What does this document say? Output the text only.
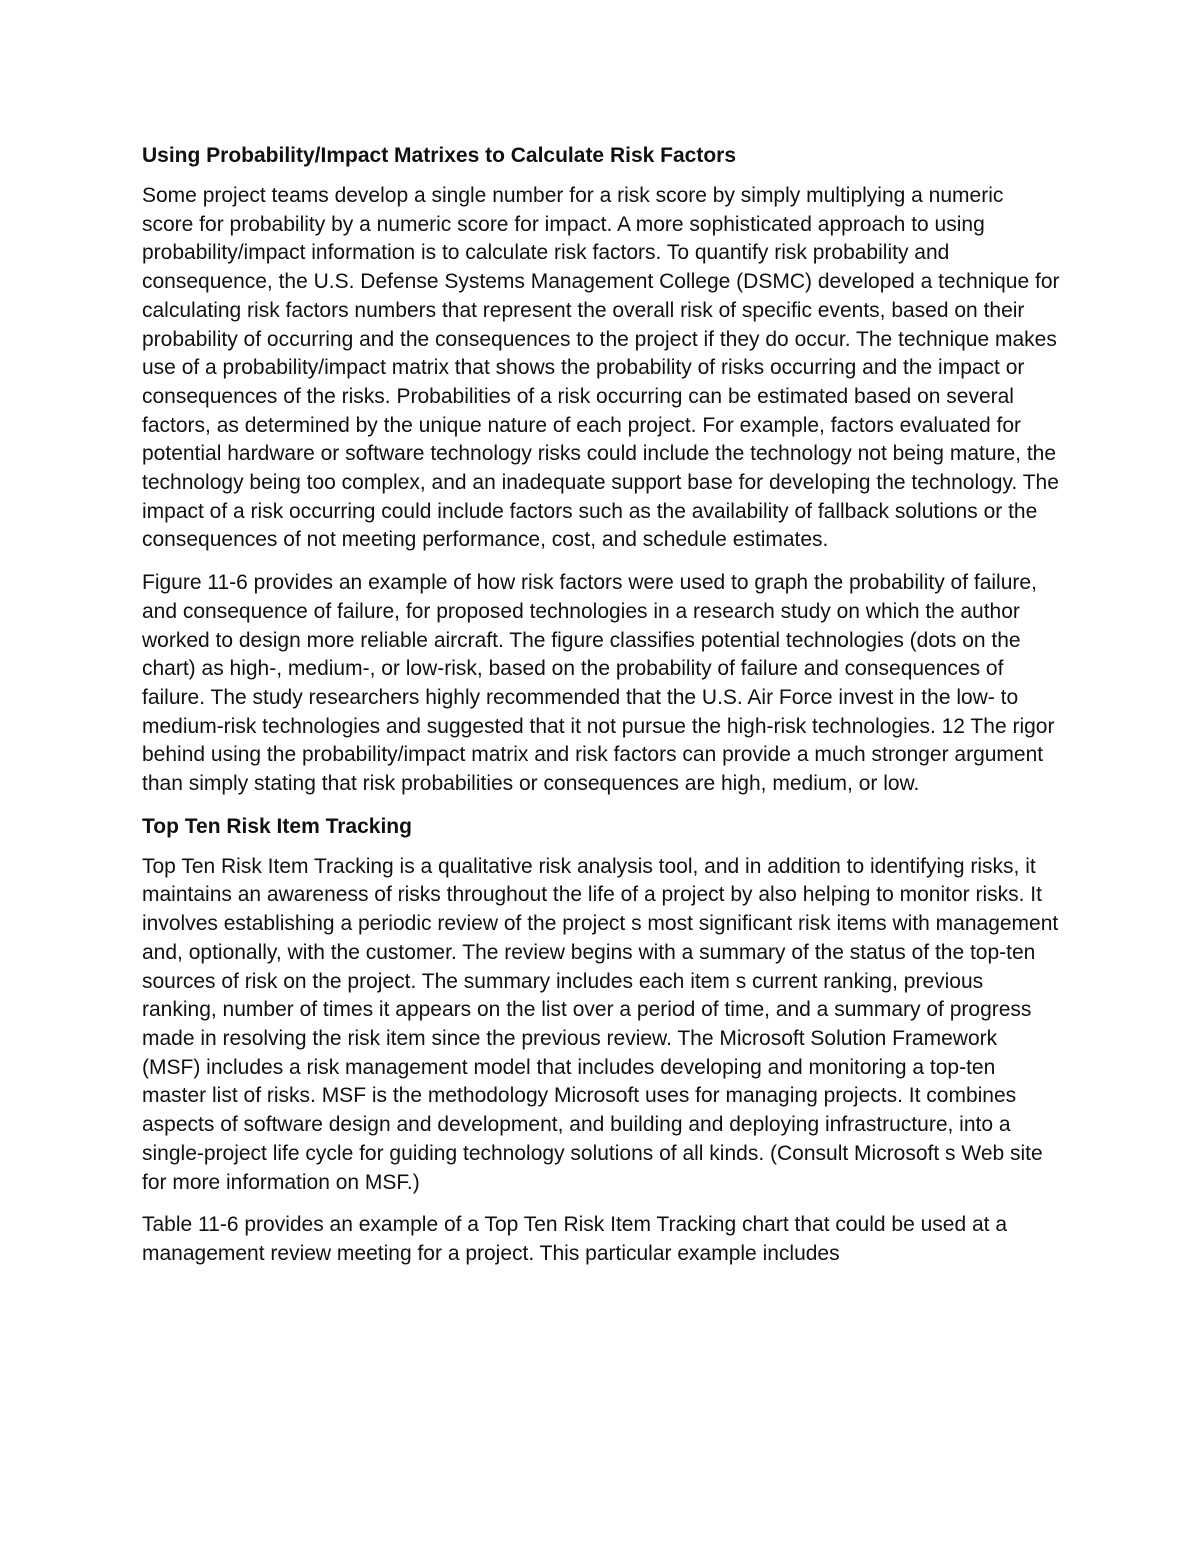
Using Probability/Impact Matrixes to Calculate Risk Factors

Some project teams develop a single number for a risk score by simply multiplying a numeric score for probability by a numeric score for impact. A more sophisticated approach to using probability/impact information is to calculate risk factors. To quantify risk probability and consequence, the U.S. Defense Systems Management College (DSMC) developed a technique for calculating risk factors numbers that represent the overall risk of specific events, based on their probability of occurring and the consequences to the project if they do occur. The technique makes use of a probability/impact matrix that shows the probability of risks occurring and the impact or consequences of the risks. Probabilities of a risk occurring can be estimated based on several factors, as determined by the unique nature of each project. For example, factors evaluated for potential hardware or software technology risks could include the technology not being mature, the technology being too complex, and an inadequate support base for developing the technology. The impact of a risk occurring could include factors such as the availability of fallback solutions or the consequences of not meeting performance, cost, and schedule estimates.

Figure 11-6 provides an example of how risk factors were used to graph the probability of failure, and consequence of failure, for proposed technologies in a research study on which the author worked to design more reliable aircraft. The figure classifies potential technologies (dots on the chart) as high-, medium-, or low-risk, based on the probability of failure and consequences of failure. The study researchers highly recommended that the U.S. Air Force invest in the low- to medium-risk technologies and suggested that it not pursue the high-risk technologies. 12 The rigor behind using the probability/impact matrix and risk factors can provide a much stronger argument than simply stating that risk probabilities or consequences are high, medium, or low.

Top Ten Risk Item Tracking

Top Ten Risk Item Tracking is a qualitative risk analysis tool, and in addition to identifying risks, it maintains an awareness of risks throughout the life of a project by also helping to monitor risks. It involves establishing a periodic review of the project s most significant risk items with management and, optionally, with the customer. The review begins with a summary of the status of the top-ten sources of risk on the project. The summary includes each item s current ranking, previous ranking, number of times it appears on the list over a period of time, and a summary of progress made in resolving the risk item since the previous review. The Microsoft Solution Framework (MSF) includes a risk management model that includes developing and monitoring a top-ten master list of risks. MSF is the methodology Microsoft uses for managing projects. It combines aspects of software design and development, and building and deploying infrastructure, into a single-project life cycle for guiding technology solutions of all kinds. (Consult Microsoft s Web site for more information on MSF.)

Table 11-6 provides an example of a Top Ten Risk Item Tracking chart that could be used at a management review meeting for a project. This particular example includes
